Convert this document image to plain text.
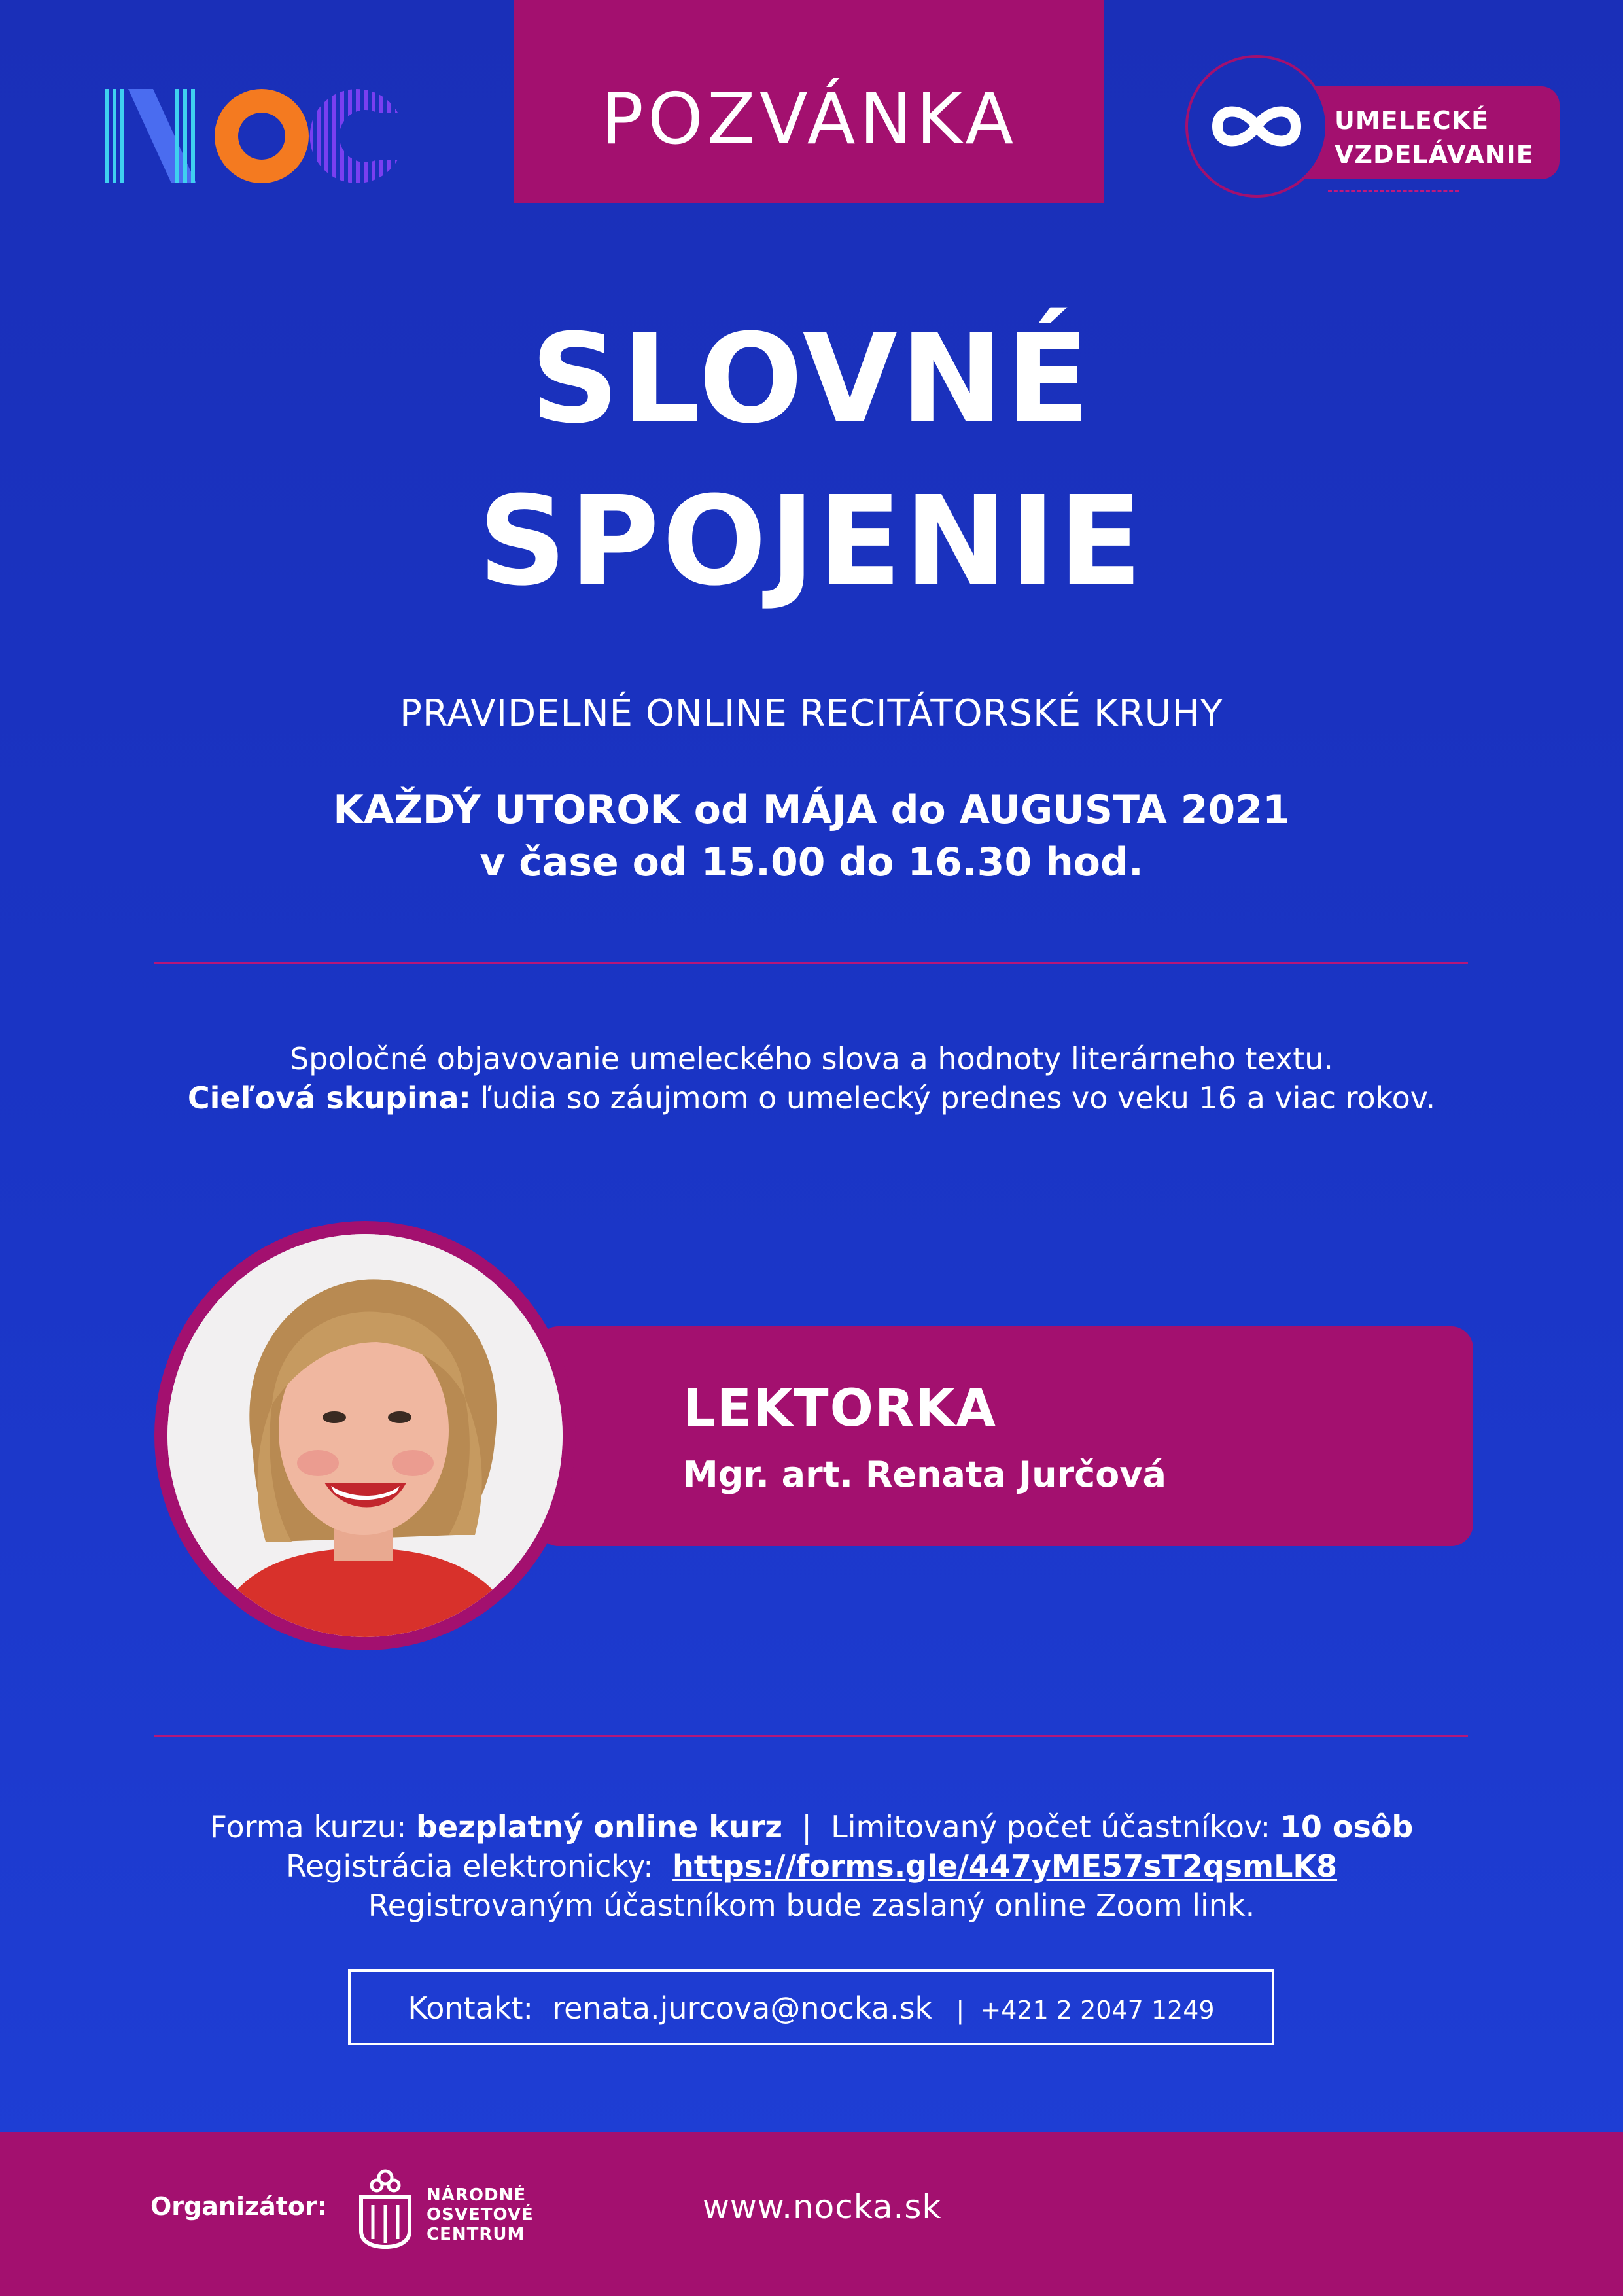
POZVÁNKA	UMELECKÉ
VZDELÁVANIE
SLOVNÉ
SPOJENIE
PRAVIDELNÉ ONLINE RECITÁTORSKÉ KRUHY
KAŽDÝ UTOROK od MÁJA do AUGUSTA 2021
v čase od 15.00 do 16.30 hod.
Spoločné objavovanie umeleckého slova a hodnoty literárneho textu.
Cieľová skupina: ľudia so záujmom o umelecký prednes vo veku 16 a viac rokov.
LEKTORKA
Mgr. art. Renata Jurčová
Forma kurzu: bezplatný online kurz  |  Limitovaný počet účastníkov: 10 osôb
Registrácia elektronicky:  https://forms.gle/447yME57sT2qsmLK8
Registrovaným účastníkom bude zaslaný online Zoom link.
Kontakt:  renata.jurcova@nocka.sk   |  +421 2 2047 1249
Organizátor:	NÁRODNÉ
OSVETOVÉ
CENTRUM
www.nocka.sk
